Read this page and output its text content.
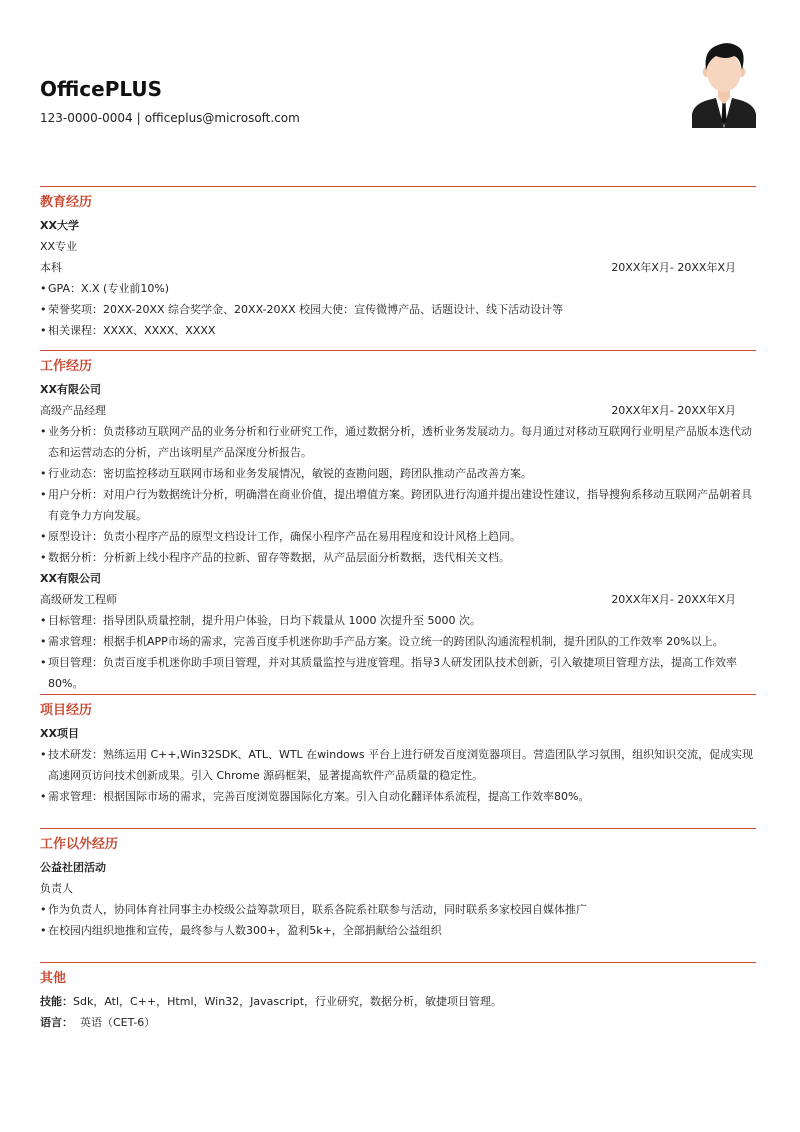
OfficePLUS
123-0000-0004 | officeplus@microsoft.com
教育经历
XX大学
XX专业
本科	20XX年X月- 20XX年X月
• GPA：X.X (专业前10%)
• 荣誉奖项：20XX-20XX 综合奖学金、20XX-20XX 校园大使：宣传微博产品、话题设计、线下活动设计等
• 相关课程：XXXX、XXXX、XXXX
工作经历
XX有限公司
高级产品经理	20XX年X月- 20XX年X月
• 业务分析：负责移动互联网产品的业务分析和行业研究工作，通过数据分析，透析业务发展动力。每月通过对移动互联网行业明星产品版本迭代动态和运营动态的分析，产出该明星产品深度分析报告。
• 行业动态：密切监控移动互联网市场和业务发展情况，敏锐的查勘问题，跨团队推动产品改善方案。
• 用户分析：对用户行为数据统计分析，明确潜在商业价值，提出增值方案。跨团队进行沟通并提出建设性建议，指导搜狗系移动互联网产品朝着具有竞争力方向发展。
• 原型设计：负责小程序产品的原型文档设计工作，确保小程序产品在易用程度和设计风格上趋同。
• 数据分析：分析新上线小程序产品的拉新、留存等数据，从产品层面分析数据，迭代相关文档。
XX有限公司
高级研发工程师	20XX年X月- 20XX年X月
• 目标管理：指导团队质量控制，提升用户体验，日均下载量从 1000 次提升至 5000 次。
• 需求管理：根据手机APP市场的需求，完善百度手机迷你助手产品方案。设立统一的跨团队沟通流程机制，提升团队的工作效率 20%以上。
• 项目管理：负责百度手机迷你助手项目管理，并对其质量监控与进度管理。指导3人研发团队技术创新，引入敏捷项目管理方法，提高工作效率 80%。
项目经历
XX项目
• 技术研发：熟练运用 C++,Win32SDK、ATL、WTL 在windows 平台上进行研发百度浏览器项目。营造团队学习氛围，组织知识交流，促成实现高速网页访问技术创新成果。引入 Chrome 源码框架，显著提高软件产品质量的稳定性。
• 需求管理：根据国际市场的需求，完善百度浏览器国际化方案。引入自动化翻译体系流程，提高工作效率80%。
工作以外经历
公益社团活动
负责人
• 作为负责人，协同体育社同事主办校级公益筹款项目，联系各院系社联参与活动，同时联系多家校园自媒体推广
• 在校园内组织地推和宣传，最终参与人数300+，盈利5k+，全部捐献给公益组织
其他
技能：Sdk，Atl，C++，Html，Win32，Javascript，行业研究，数据分析，敏捷项目管理。
语言： 英语（CET-6）
